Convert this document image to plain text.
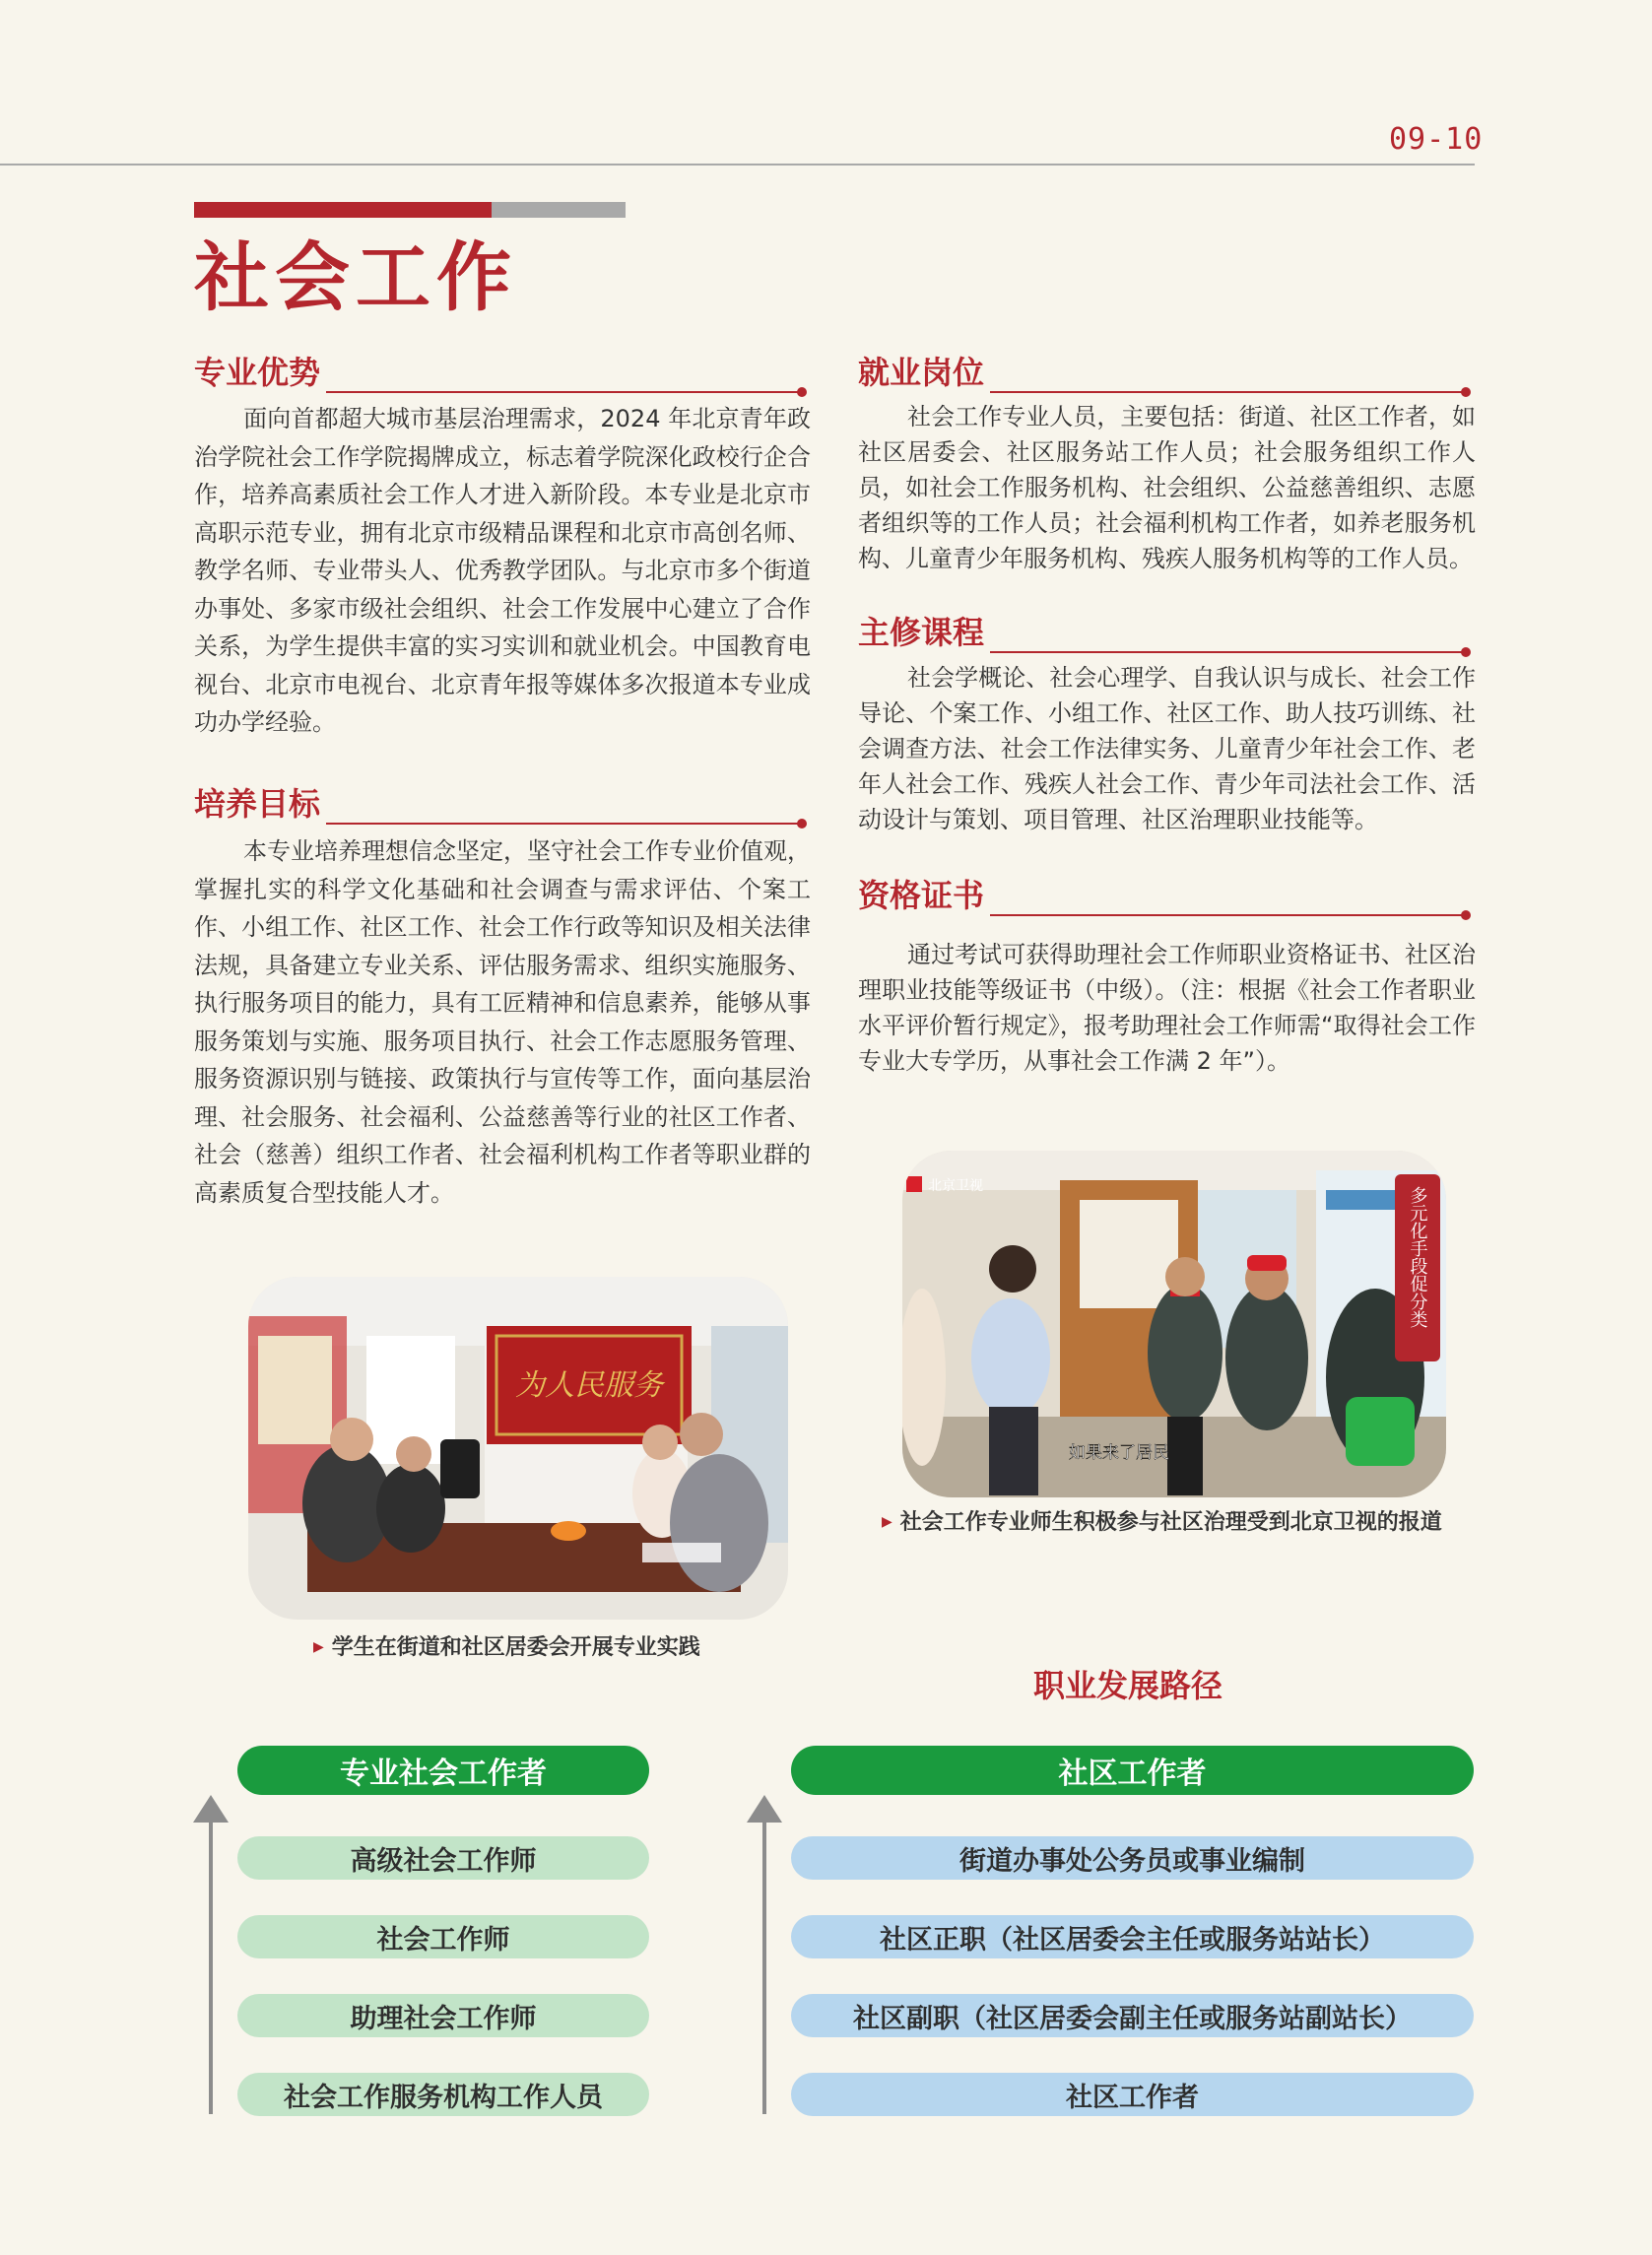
09-10
社会工作
专业优势
面向首都超大城市基层治理需求，2024 年北京青年政治学院社会工作学院揭牌成立，标志着学院深化政校行企合作，培养高素质社会工作人才进入新阶段。本专业是北京市高职示范专业，拥有北京市级精品课程和北京市高创名师、教学名师、专业带头人、优秀教学团队。与北京市多个街道办事处、多家市级社会组织、社会工作发展中心建立了合作关系，为学生提供丰富的实习实训和就业机会。中国教育电视台、北京市电视台、北京青年报等媒体多次报道本专业成功办学经验。
培养目标
本专业培养理想信念坚定，坚守社会工作专业价值观，掌握扎实的科学文化基础和社会调查与需求评估、个案工作、小组工作、社区工作、社会工作行政等知识及相关法律法规，具备建立专业关系、评估服务需求、组织实施服务、执行服务项目的能力，具有工匠精神和信息素养，能够从事服务策划与实施、服务项目执行、社会工作志愿服务管理、服务资源识别与链接、政策执行与宣传等工作，面向基层治理、社会服务、社会福利、公益慈善等行业的社区工作者、社会（慈善）组织工作者、社会福利机构工作者等职业群的高素质复合型技能人才。
为人民服务
▶ 学生在街道和社区居委会开展专业实践
就业岗位
社会工作专业人员，主要包括：街道、社区工作者，如社区居委会、社区服务站工作人员；社会服务组织工作人员，如社会工作服务机构、社会组织、公益慈善组织、志愿者组织等的工作人员；社会福利机构工作者，如养老服务机构、儿童青少年服务机构、残疾人服务机构等的工作人员。
主修课程
社会学概论、社会心理学、自我认识与成长、社会工作导论、个案工作、小组工作、社区工作、助人技巧训练、社会调查方法、社会工作法律实务、儿童青少年社会工作、老年人社会工作、残疾人社会工作、青少年司法社会工作、活动设计与策划、项目管理、社区治理职业技能等。
资格证书
通过考试可获得助理社会工作师职业资格证书、社区治理职业技能等级证书（中级）。（注：根据《社会工作者职业水平评价暂行规定》，报考助理社会工作师需“取得社会工作专业大专学历，从事社会工作满 2 年”）。
北京卫视	多元化手段促分类
如果来了居民
▶ 社会工作专业师生积极参与社区治理受到北京卫视的报道
职业发展路径
专业社会工作者
高级社会工作师
社会工作师
助理社会工作师
社会工作服务机构工作人员
社区工作者
街道办事处公务员或事业编制
社区正职（社区居委会主任或服务站站长）
社区副职（社区居委会副主任或服务站副站长）
社区工作者
